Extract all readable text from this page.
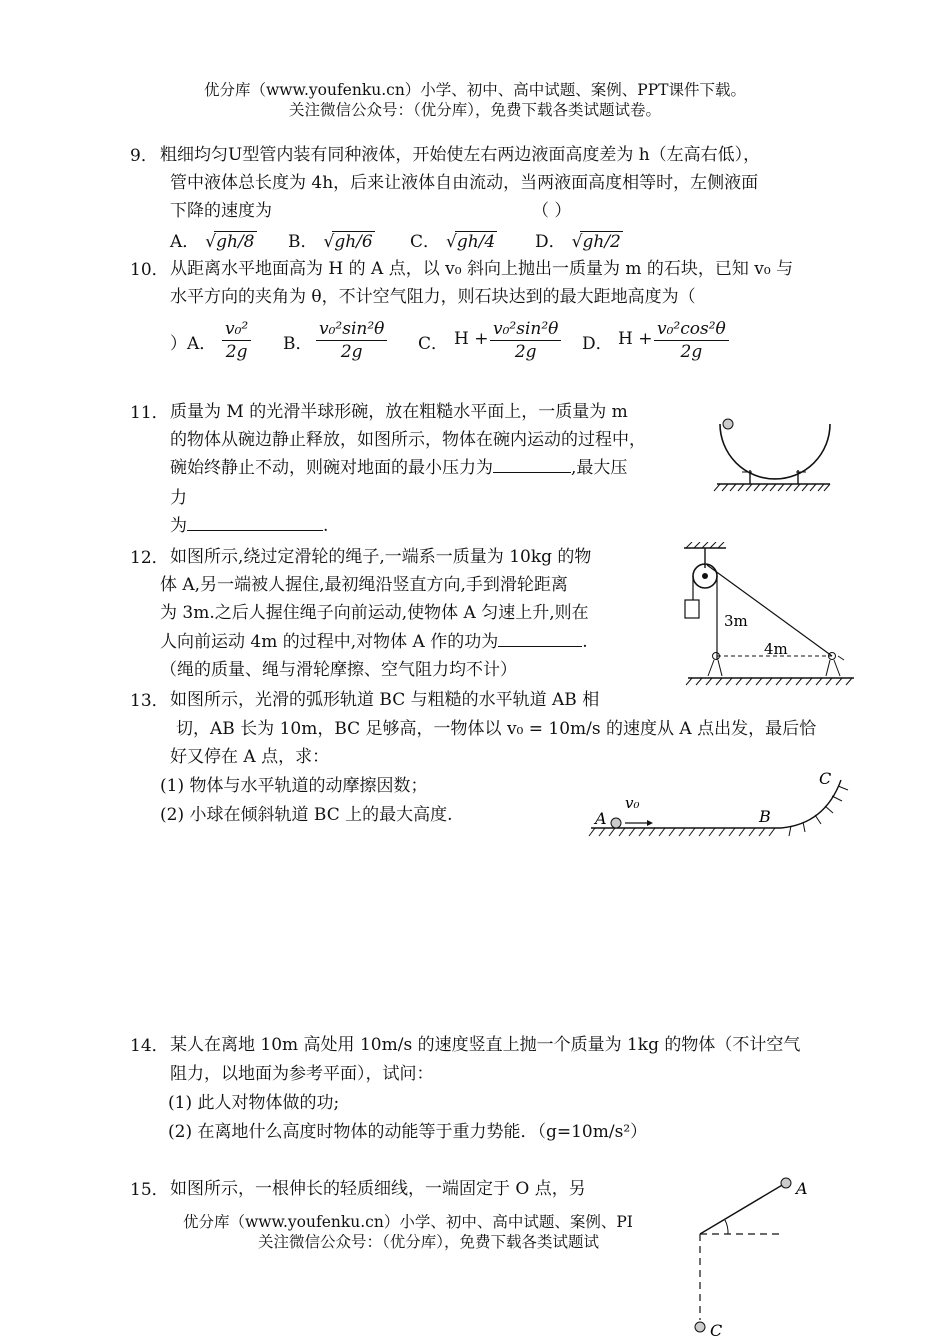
优分库（www.youfenku.cn）小学、初中、高中试题、案例、PPT课件下载。
关注微信公众号：（优分库），免费下载各类试题试卷。
9． 粗细均匀U型管内装有同种液体，开始使左右两边液面高度差为 h（左高右低），
管中液体总长度为 4h，后来让液体自由流动，当两液面高度相等时，左侧液面
下降的速度为	（ ）
A． √gh/8 B． √gh/6 C． √gh/4 D． √gh/2
10． 从距离水平地面高为 H 的 A 点，以 v₀ 斜向上抛出一质量为 m 的石块，已知 v₀ 与
水平方向的夹角为 θ，不计空气阻力，则石块达到的最大距地高度为（
）A． $\frac{\text{v₀²}}{2g}$ B． $\frac{\text{v₀²sin²θ}}{2g}$ C． $H + \frac{\text{v₀²sin²θ}}{2g}$ D． $H + \frac{\text{v₀²cos²θ}}{2g}$
11． 质量为 M 的光滑半球形碗，放在粗糙水平面上，一质量为 m
的物体从碗边静止释放，如图所示，物体在碗内运动的过程中，
碗始终静止不动，则碗对地面的最小压力为	,最大压
力
为	.
12． 如图所示,绕过定滑轮的绳子,一端系一质量为 10kg 的物
体 A,另一端被人握住,最初绳沿竖直方向,手到滑轮距离
为 3m.之后人握住绳子向前运动,使物体 A 匀速上升,则在
人向前运动 4m 的过程中,对物体 A 作的功为	.
（绳的质量、绳与滑轮摩擦、空气阻力均不计）
3m
4m
13． 如图所示，光滑的弧形轨道 BC 与粗糙的水平轨道 AB 相
切，AB 长为 10m，BC 足够高，一物体以 v₀ = 10m/s 的速度从 A 点出发，最后恰
好又停在 A 点，求：
(1) 物体与水平轨道的动摩擦因数；
(2) 小球在倾斜轨道 BC 上的最大高度.	A
v₀
B
C
14． 某人在离地 10m 高处用 10m/s 的速度竖直上抛一个质量为 1kg 的物体（不计空气
阻力，以地面为参考平面），试问：
(1) 此人对物体做的功;
(2) 在离地什么高度时物体的动能等于重力势能．（g=10m/s²）
15． 如图所示，一根伸长的轻质细线，一端固定于 O 点，另	A
C
优分库（www.youfenku.cn）小学、初中、高中试题、案例、PI
关注微信公众号：（优分库），免费下载各类试题试
